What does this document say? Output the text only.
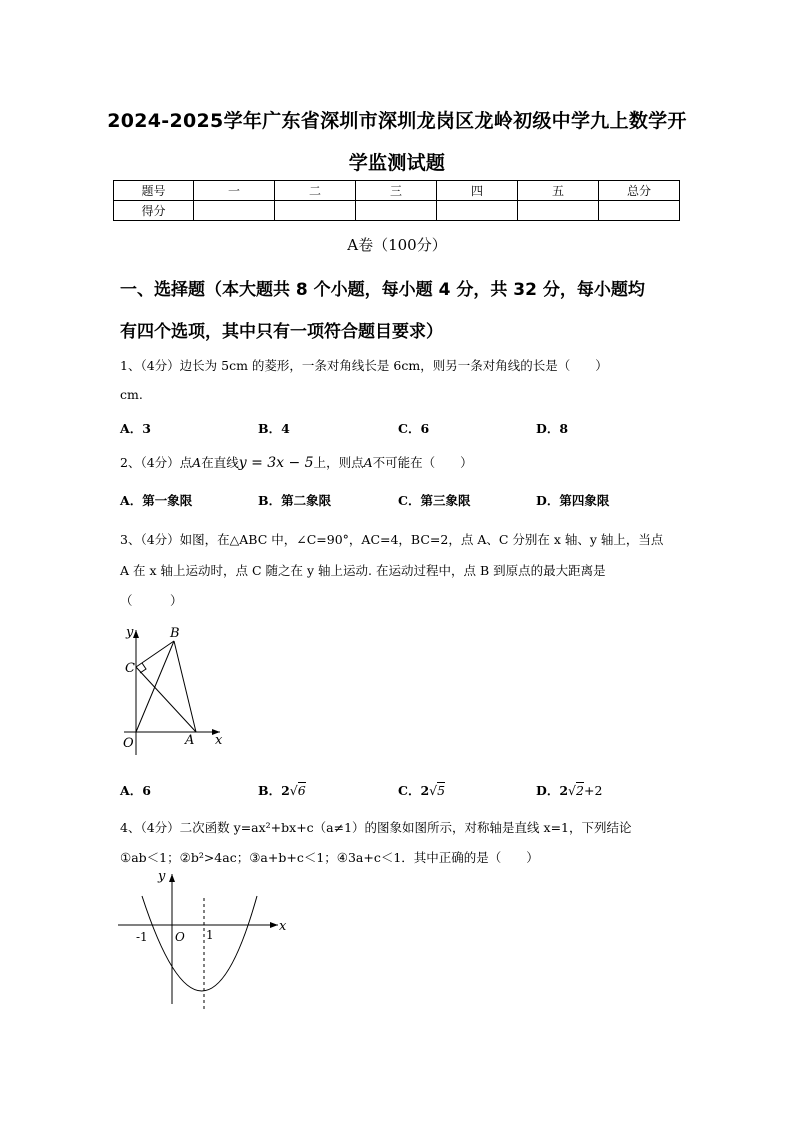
2024-2025学年广东省深圳市深圳龙岗区龙岭初级中学九上数学开
学监测试题
题号	一	二	三	四	五	总分
得分						
A卷（100分）
一、选择题（本大题共 8 个小题，每小题 4 分，共 32 分，每小题均
有四个选项，其中只有一项符合题目要求）
1、（4分）边长为 5cm 的菱形，一条对角线长是 6cm，则另一条对角线的长是（　　）
cm.
A．3	B．4	C．6	D．8
2、（4分）点A在直线y = 3x − 5上，则点A不可能在（　　）
A．第一象限	B．第二象限	C．第三象限	D．第四象限
3、（4分）如图，在△ABC 中，∠C=90°，AC=4，BC=2，点 A、C 分别在 x 轴、y 轴上，当点
A 在 x 轴上运动时，点 C 随之在 y 轴上运动. 在运动过程中，点 B 到原点的最大距离是
（　　　）
y	B
C
O	A x
A．6	B．2√6	C．2√5	D．2√2+2
4、（4分）二次函数 y=ax²+bx+c（a≠1）的图象如图所示，对称轴是直线 x=1，下列结论
①ab＜1；②b²>4ac；③a+b+c＜1；④3a+c＜1．其中正确的是（　　）
-1 O 1
y
x
